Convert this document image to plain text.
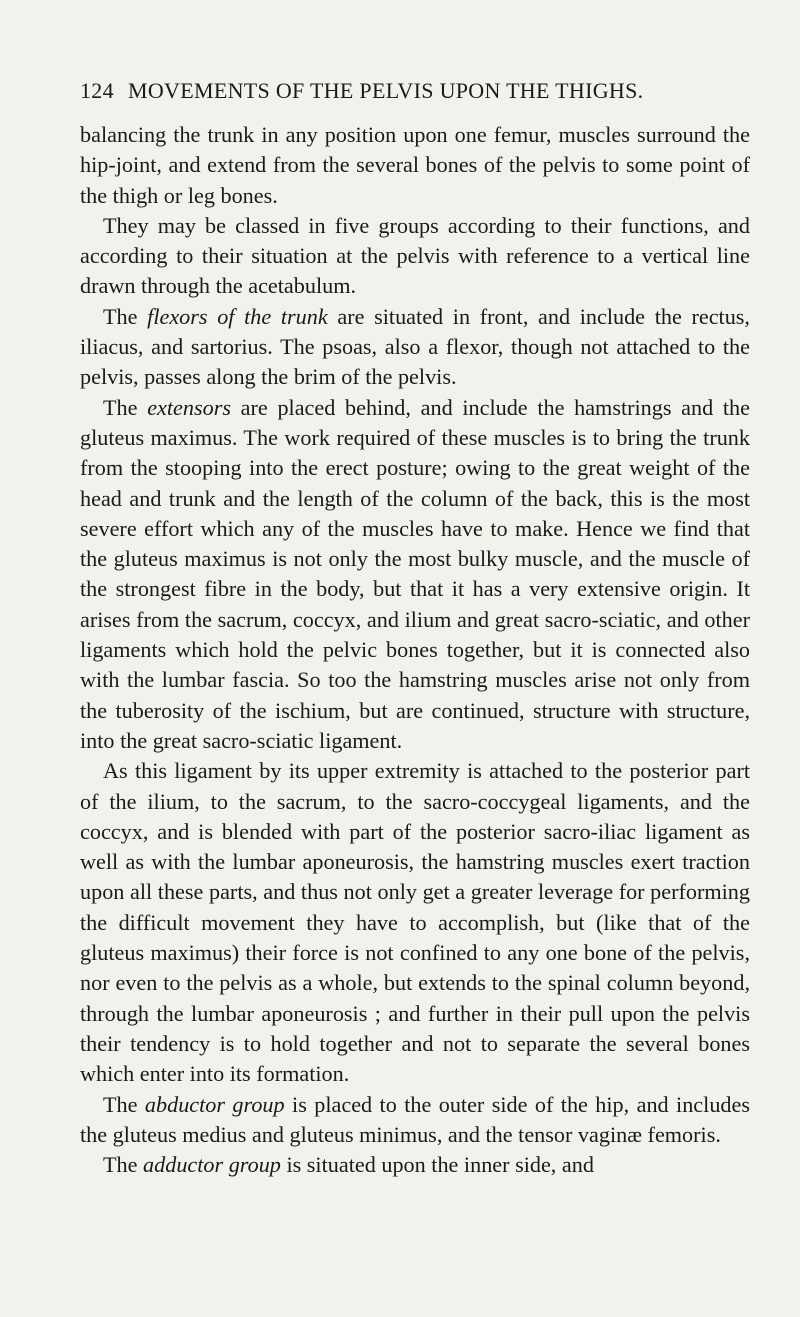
124 MOVEMENTS OF THE PELVIS UPON THE THIGHS.

balancing the trunk in any position upon one femur, muscles surround the hip-joint, and extend from the several bones of the pelvis to some point of the thigh or leg bones.

They may be classed in five groups according to their functions, and according to their situation at the pelvis with reference to a vertical line drawn through the acetabulum.

The flexors of the trunk are situated in front, and include the rectus, iliacus, and sartorius. The psoas, also a flexor, though not attached to the pelvis, passes along the brim of the pelvis.

The extensors are placed behind, and include the hamstrings and the gluteus maximus. The work required of these muscles is to bring the trunk from the stooping into the erect posture; owing to the great weight of the head and trunk and the length of the column of the back, this is the most severe effort which any of the muscles have to make. Hence we find that the gluteus maximus is not only the most bulky muscle, and the muscle of the strongest fibre in the body, but that it has a very extensive origin. It arises from the sacrum, coccyx, and ilium and great sacro-sciatic, and other ligaments which hold the pelvic bones together, but it is connected also with the lumbar fascia. So too the hamstring muscles arise not only from the tuberosity of the ischium, but are continued, structure with structure, into the great sacro-sciatic ligament.

As this ligament by its upper extremity is attached to the posterior part of the ilium, to the sacrum, to the sacro-coccygeal ligaments, and the coccyx, and is blended with part of the posterior sacro-iliac ligament as well as with the lumbar aponeurosis, the hamstring muscles exert traction upon all these parts, and thus not only get a greater leverage for performing the difficult movement they have to accomplish, but (like that of the gluteus maximus) their force is not confined to any one bone of the pelvis, nor even to the pelvis as a whole, but extends to the spinal column beyond, through the lumbar aponeurosis ; and further in their pull upon the pelvis their tendency is to hold together and not to separate the several bones which enter into its formation.

The abductor group is placed to the outer side of the hip, and includes the gluteus medius and gluteus minimus, and the tensor vaginæ femoris.

The adductor group is situated upon the inner side, and
